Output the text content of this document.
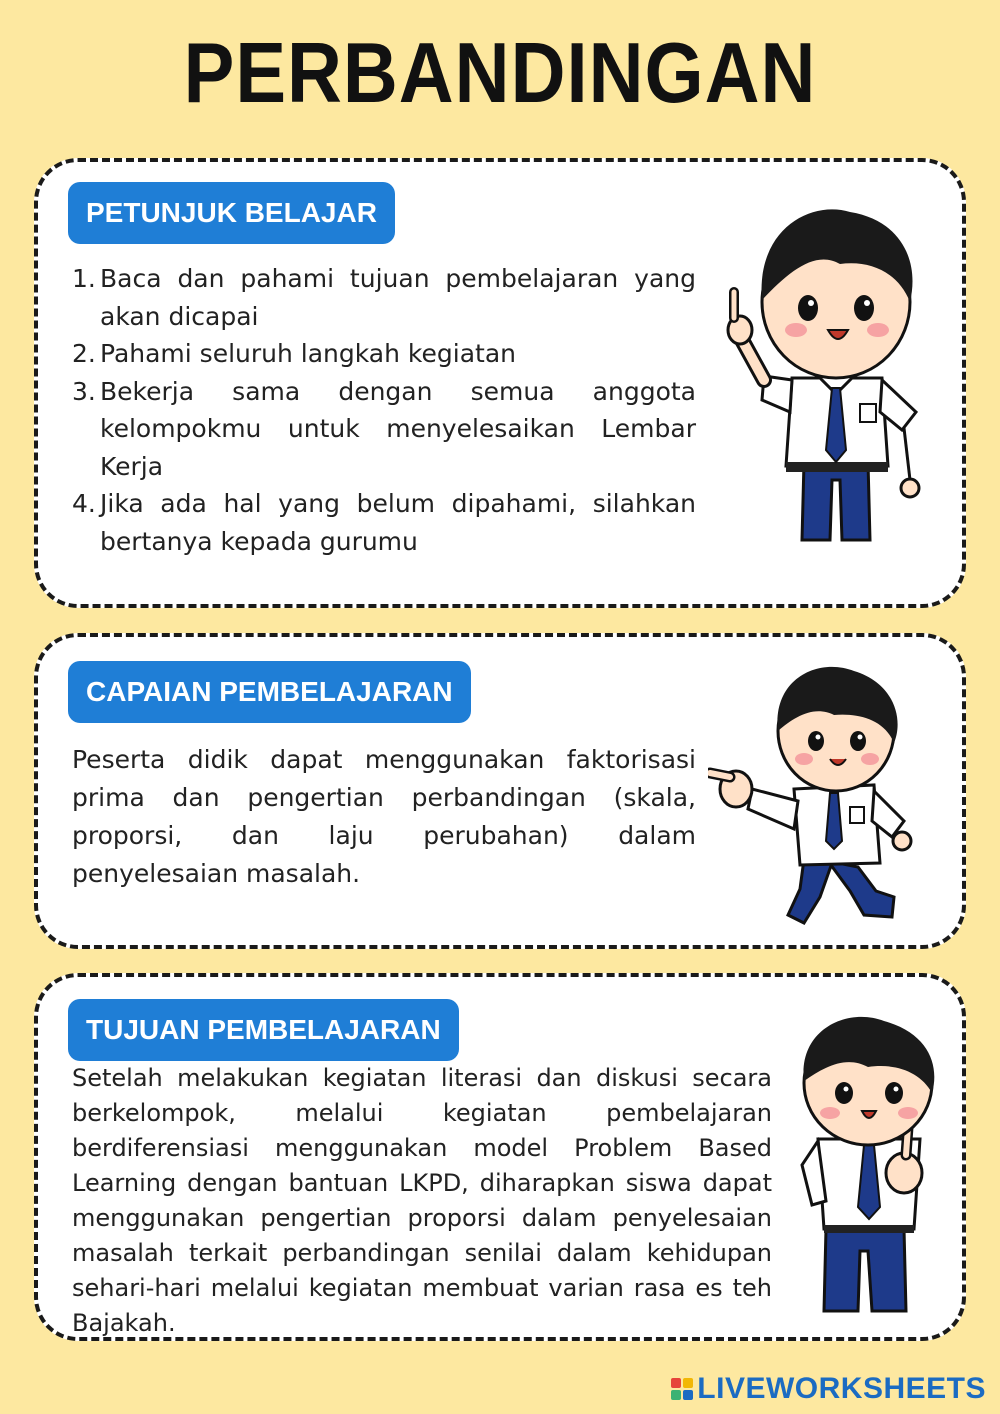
PERBANDINGAN
PETUNJUK BELAJAR
1. Baca dan pahami tujuan pembelajaran yang akan dicapai
2. Pahami seluruh langkah kegiatan
3. Bekerja sama dengan semua anggota kelompokmu untuk menyelesaikan Lembar Kerja
4. Jika ada hal yang belum dipahami, silahkan bertanya kepada gurumu
CAPAIAN PEMBELAJARAN

Peserta didik dapat menggunakan faktorisasi prima dan pengertian perbandingan (skala, proporsi, dan laju perubahan) dalam penyelesaian masalah.

TUJUAN PEMBELAJARAN

Setelah melakukan kegiatan literasi dan diskusi secara berkelompok, melalui kegiatan pembelajaran berdiferensiasi menggunakan model Problem Based Learning dengan bantuan LKPD, diharapkan siswa dapat menggunakan pengertian proporsi dalam penyelesaian masalah terkait perbandingan senilai dalam kehidupan sehari-hari melalui kegiatan membuat varian rasa es teh Bajakah.

LIVEWORKSHEETS
